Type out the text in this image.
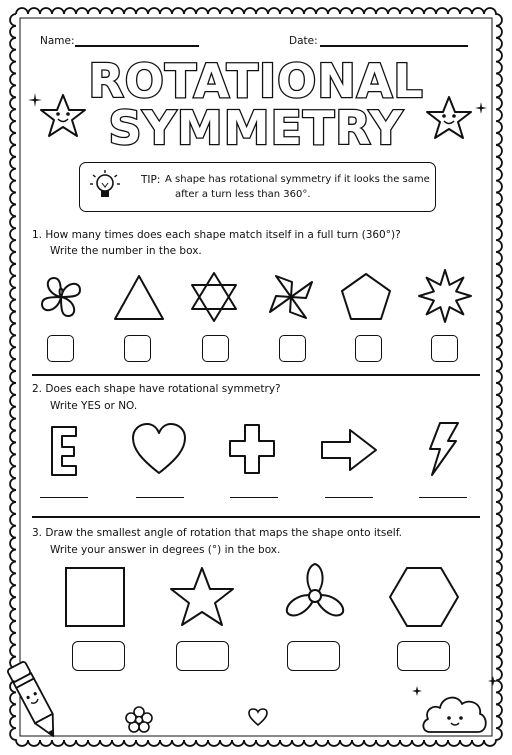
Name:	Date:
ROTATIONAL
SYMMETRY
TIP: A shape has rotational symmetry if it looks the same
after a turn less than 360°.
1. How many times does each shape match itself in a full turn (360°)?
Write the number in the box.
2. Does each shape have rotational symmetry?
Write YES or NO.
3. Draw the smallest angle of rotation that maps the shape onto itself.
Write your answer in degrees (°) in the box.
